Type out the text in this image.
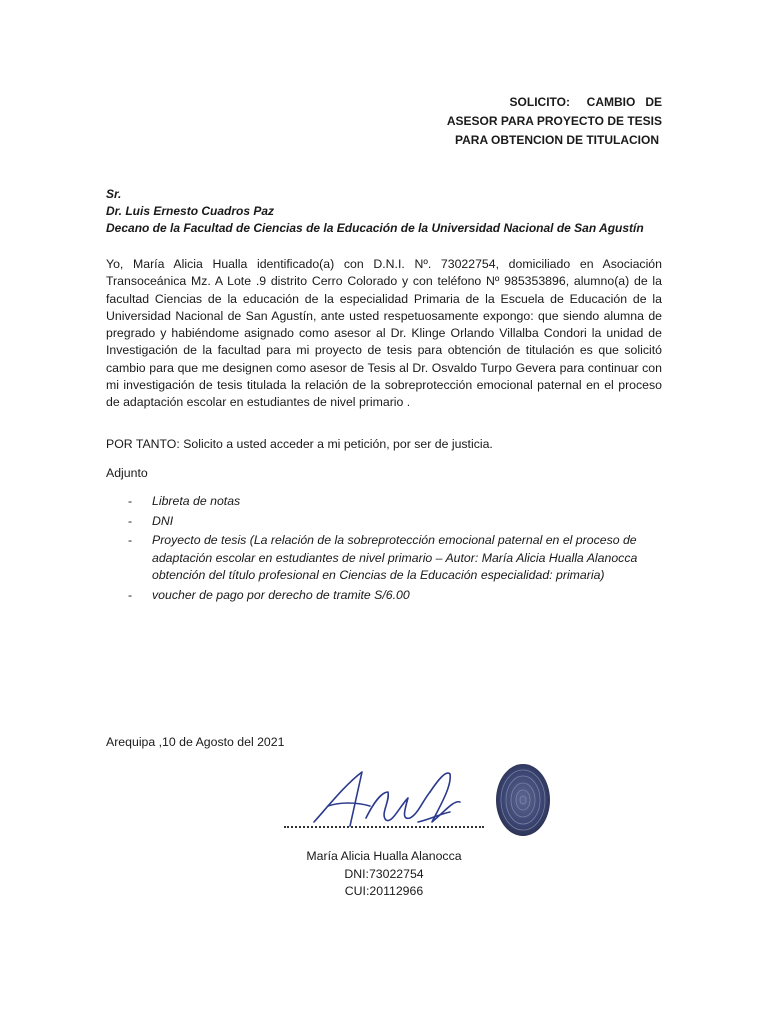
SOLICITO:     CAMBIO   DE
ASESOR PARA PROYECTO DE TESIS
PARA OBTENCION DE TITULACION
Sr.
Dr. Luis Ernesto Cuadros Paz
Decano de la Facultad de Ciencias de la Educación de la Universidad Nacional de San Agustín
Yo, María Alicia Hualla identificado(a) con D.N.I. Nº. 73022754, domiciliado en Asociación Transoceánica Mz. A Lote .9 distrito Cerro Colorado y con teléfono Nº 985353896, alumno(a) de la facultad Ciencias de la educación de la especialidad Primaria de la Escuela de Educación de la Universidad Nacional de San Agustín, ante usted respetuosamente expongo: que siendo alumna de pregrado y habiéndome asignado como asesor al Dr. Klinge Orlando Villalba Condori la unidad de Investigación de la facultad para mi proyecto de tesis para obtención de titulación es que solicitó cambio para que me designen como asesor de Tesis al Dr. Osvaldo Turpo Gevera para continuar con mi investigación de tesis titulada la relación de la sobreprotección emocional paternal en el proceso de adaptación escolar en estudiantes de nivel primario .
POR TANTO: Solicito a usted acceder a mi petición, por ser de justicia.
Adjunto
-	Libreta de notas
-	DNI
-	Proyecto de tesis (La relación de la sobreprotección emocional paternal en el proceso de adaptación escolar en estudiantes de nivel primario – Autor: María Alicia Hualla Alanocca obtención del título profesional en Ciencias de la Educación especialidad: primaria)
-	voucher de pago por derecho de tramite S/6.00
Arequipa ,10 de Agosto del 2021
María Alicia Hualla Alanocca
DNI:73022754
CUI:20112966
